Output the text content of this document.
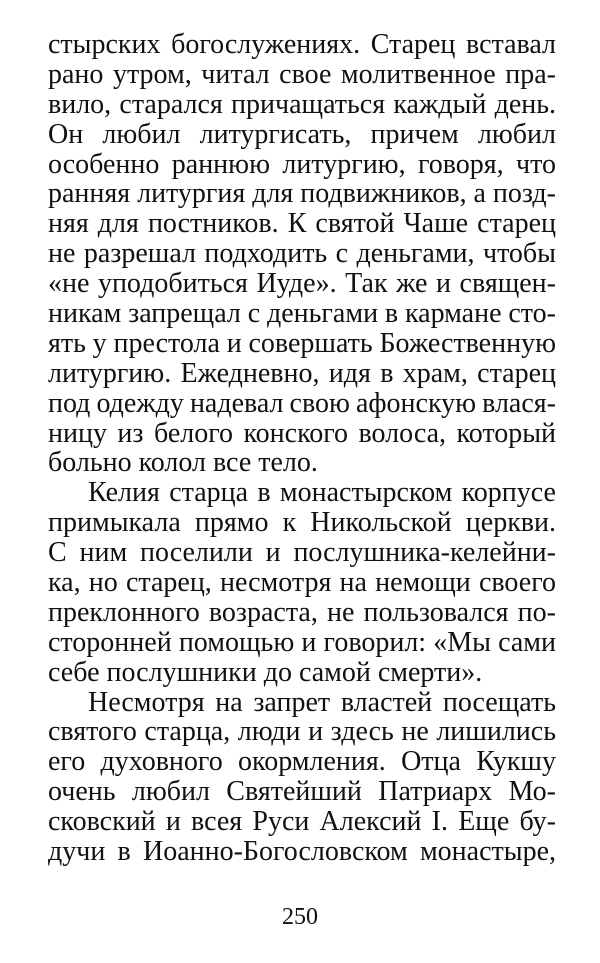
стырских богослужениях. Старец вставал
рано утром, читал свое молитвенное пра-
вило, старался причащаться каждый день.
Он любил литургисать, причем любил
особенно раннюю литургию, говоря, что
ранняя литургия для подвижников, а позд-
няя для постников. К святой Чаше старец
не разрешал подходить с деньгами, чтобы
«не уподобиться Иуде». Так же и священ-
никам запрещал с деньгами в кармане сто-
ять у престола и совершать Божественную
литургию. Ежедневно, идя в храм, старец
под одежду надевал свою афонскую влася-
ницу из белого конского волоса, который
больно колол все тело.
Келия старца в монастырском корпусе
примыкала прямо к Никольской церкви.
С ним поселили и послушника-келейни-
ка, но старец, несмотря на немощи своего
преклонного возраста, не пользовался по-
сторонней помощью и говорил: «Мы сами
себе послушники до самой смерти».
Несмотря на запрет властей посещать
святого старца, люди и здесь не лишились
его духовного окормления. Отца Кукшу
очень любил Святейший Патриарх Мо-
сковский и всея Руси Алексий I. Еще бу-
дучи в Иоанно-Богословском монастыре,
250
